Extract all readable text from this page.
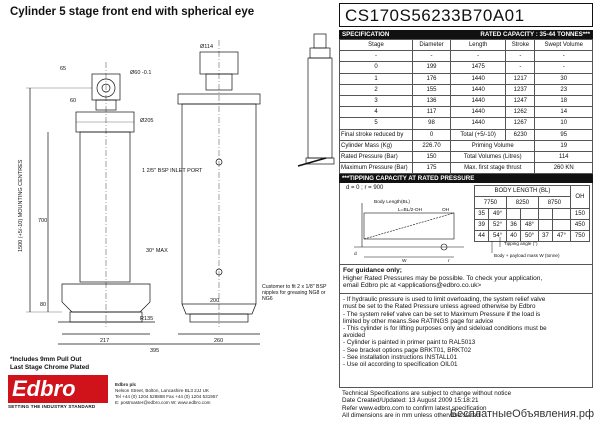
Cylinder 5 stage front end with spherical eye	CS170S56233B70A01
65
Ø60 -0.1
Ø114
Ø205
60
1500 (+5/-10) MOUNTING CENTRES	700
1 2/5" BSP INLET PORT
30° MAX
R135
80
200
217	260
395
Customer to fit 2 x 1/8" BSP nipples for greasing NG8 or NG6
SPECIFICATION	RATED CAPACITY : 35-44 TONNES***
Stage	Diameter	Length	Stroke	Swept Volume
-	-	-	-	-
0	199	1475	-	-
1	176	1440	1217	30
2	155	1440	1237	23
3	136	1440	1247	18
4	117	1440	1262	14
5	98	1440	1267	10
Final stroke reduced by	0	Total (+5/-10)	6230	95
Cylinder Mass (Kg)	226.70	Priming Volume		19
Rated Pressure (Bar)	150	Total Volumes (Litres)		114
Maximum Pressure (Bar)	175	Max. first stage thrust		260 KN
***TIPPING CAPACITY AT RATED PRESSURE
d = 0 ; r = 900
Body Length(BL)
L=BL/2-OH	OH
W
d
r
BODY LENGTH (BL)						OH
7750		8250		8750		
35	49°					150
39	52°	36	48°			450
44	54°	40	50°	37	47°	750
Tipping angle (°)
Body + payload mass W (tonne)
For guidance only;
Higher Rated Pressures may be possible. To check your application,
email Edbro plc at <applications@edbro.co.uk>
- If hydraulic pressure is used to limit overloading, the system relief valve
must be set to the Rated Pressure unless agreed otherwise by Edbro
- The system relief valve can be set to Maximum Pressure if the load is
limited by other means.See RATINGS page for advice
- This cylinder is for lifting purposes only and sideload conditions must be
avoided
- Cylinder is painted in primer paint to RAL5013
- See bracket options page BRKT01, BRKT02
- See installation instructions INSTALL01
- Use oil according to specification OIL01
Technical Specifications are subject to change without notice
Date Created/Updated: 13 August 2009 15:18:21
Refer www.edbro.com to confirm latest specification
All dimensions are in mm unless otherwise stated
*Includes 9mm Pull Out
Last Stage Chrome Plated
Edbro
SETTING THE INDUSTRY STANDARD
Edbro plc
Nelson Street, Bolton, Lancashire BL3 2JJ UK
Tel +44 (0) 1204 528888 Fax +44 (0) 1204 531957
E: postmaster@edbro.com W: www.edbro.com
БесплатныеОбъявления.рф
